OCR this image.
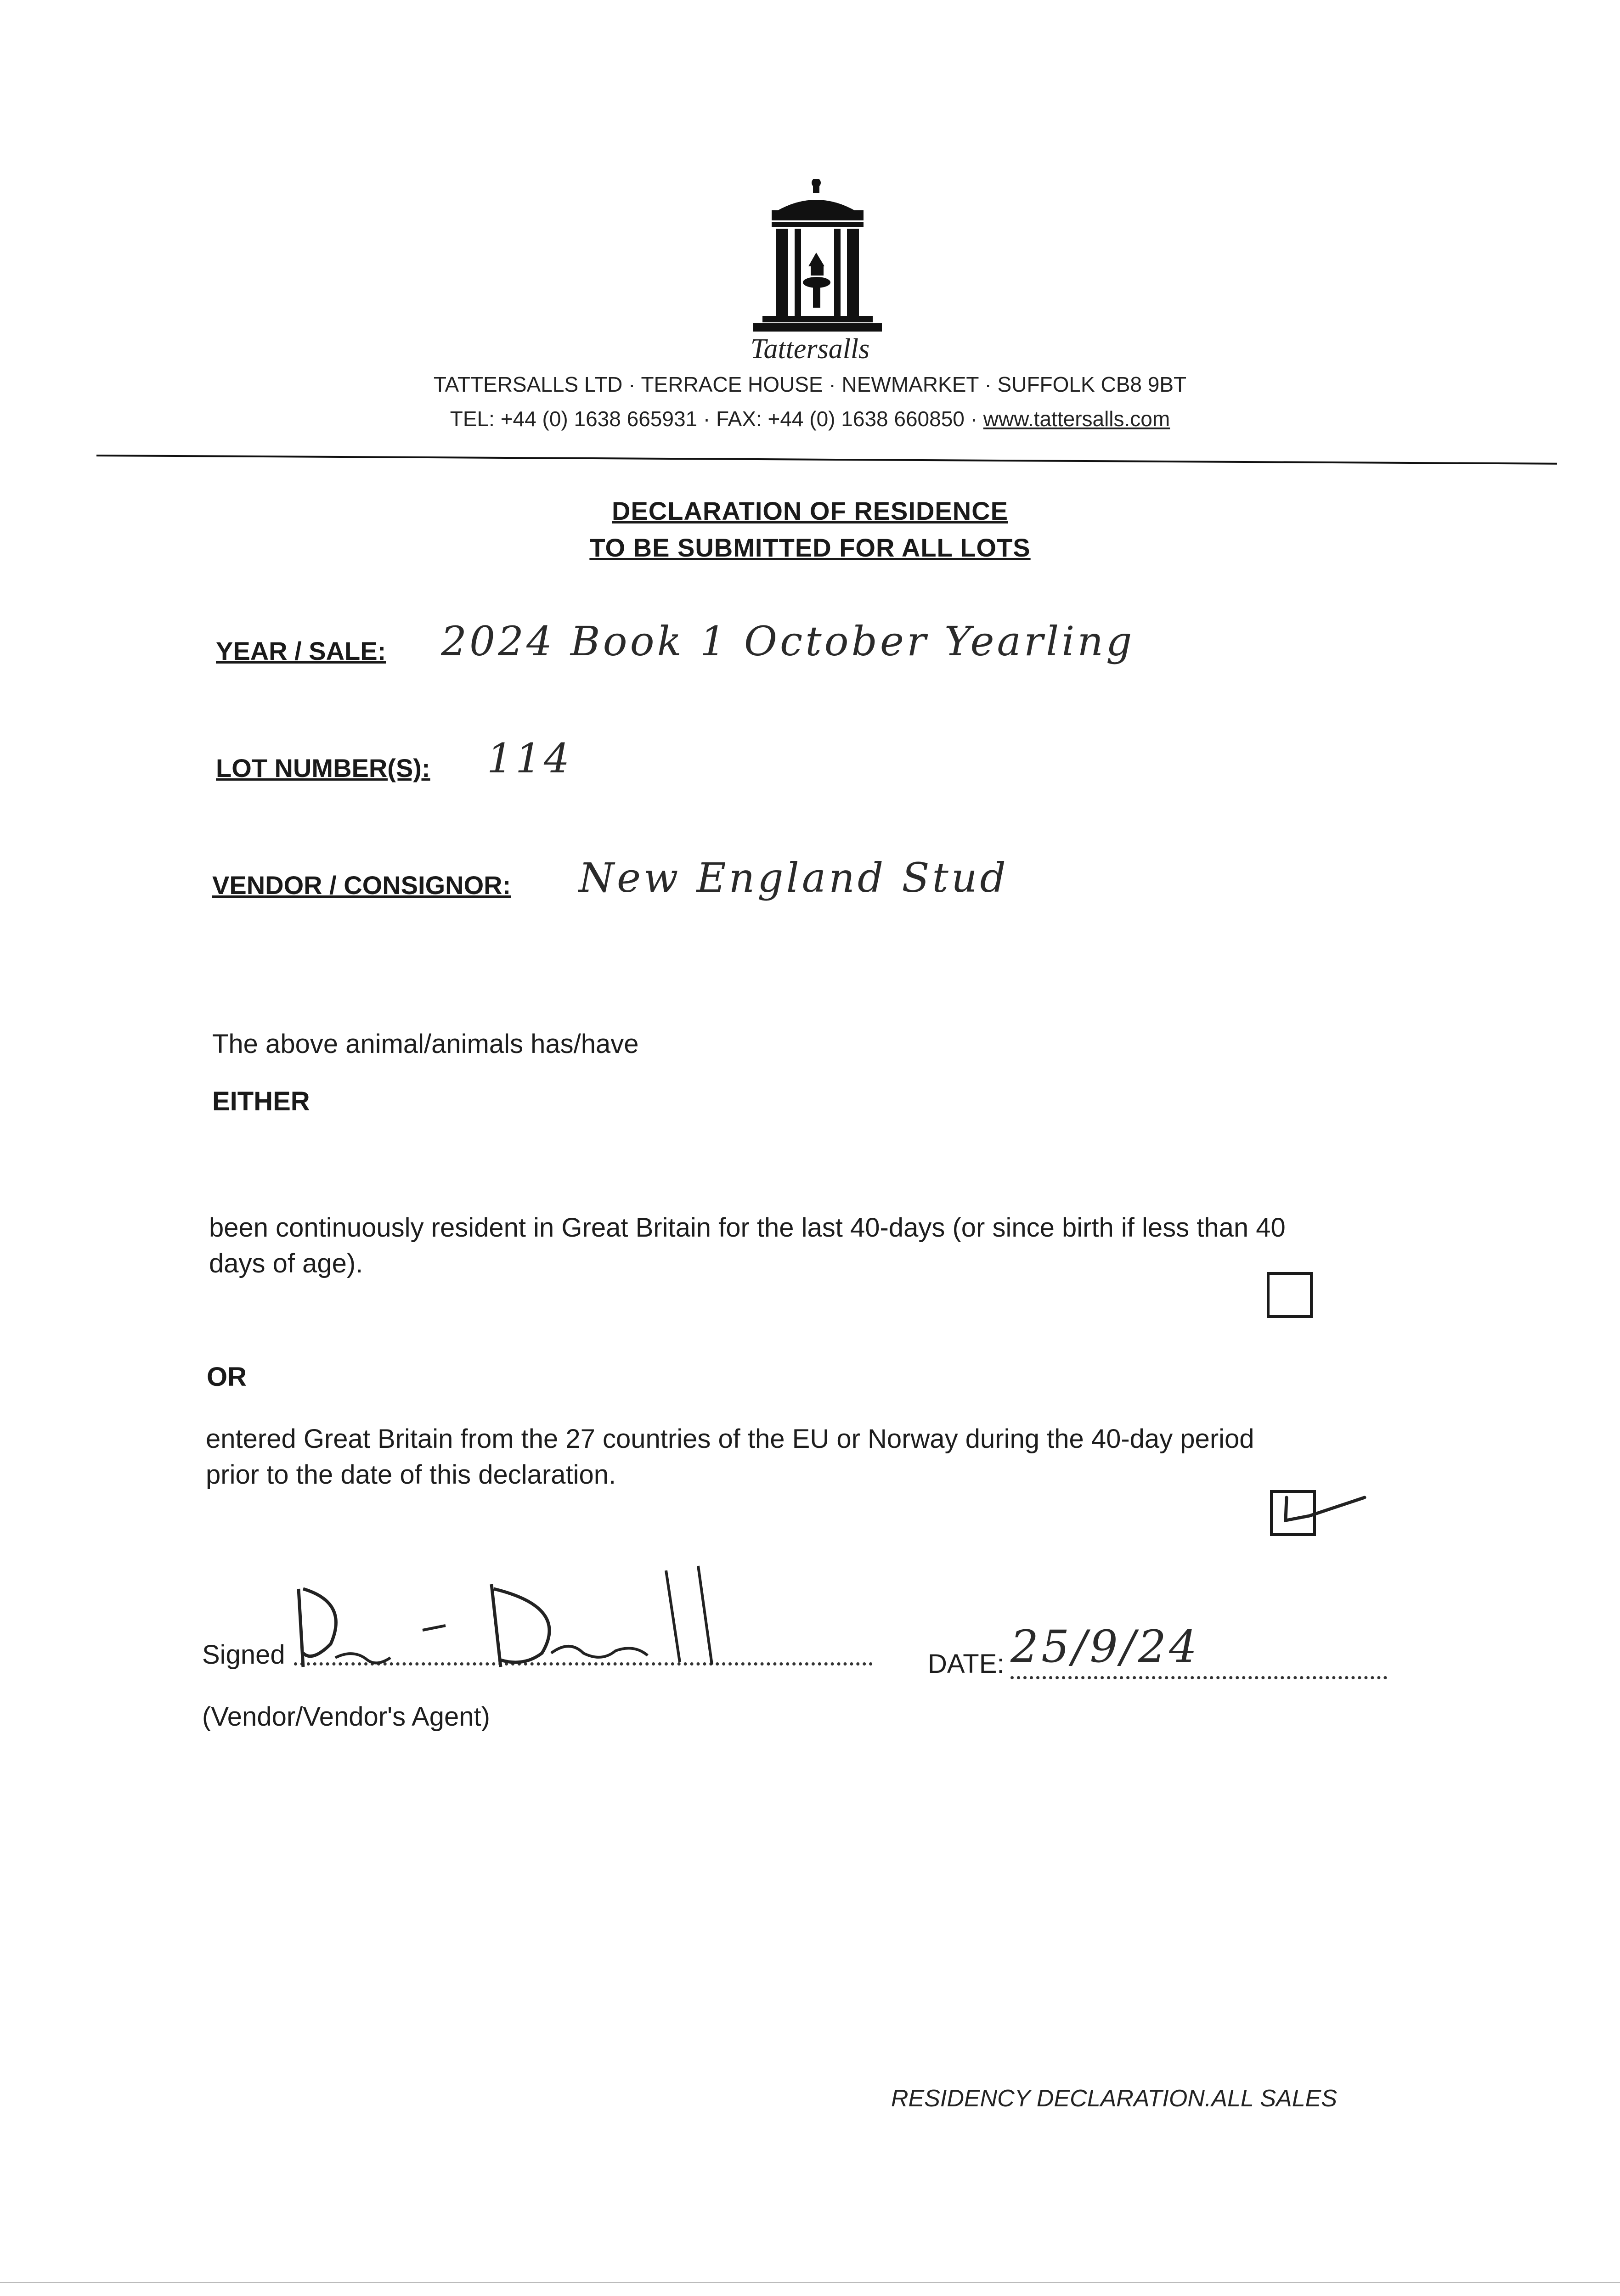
Tattersalls
TATTERSALLS LTD · TERRACE HOUSE · NEWMARKET · SUFFOLK CB8 9BT
TEL: +44 (0) 1638 665931 · FAX: +44 (0) 1638 660850 · www.tattersalls.com
DECLARATION OF RESIDENCE
TO BE SUBMITTED FOR ALL LOTS
YEAR / SALE: 2024 Book 1 October Yearling
LOT NUMBER(S): 114
VENDOR / CONSIGNOR: New England Stud
The above animal/animals has/have
EITHER
been continuously resident in Great Britain for the last 40-days (or since birth if less than 40
days of age).
OR
entered Great Britain from the 27 countries of the EU or Norway during the 40-day period
prior to the date of this declaration.
Signed
(Vendor/Vendor's Agent)
DATE: 25/9/24
RESIDENCY DECLARATION.ALL SALES
